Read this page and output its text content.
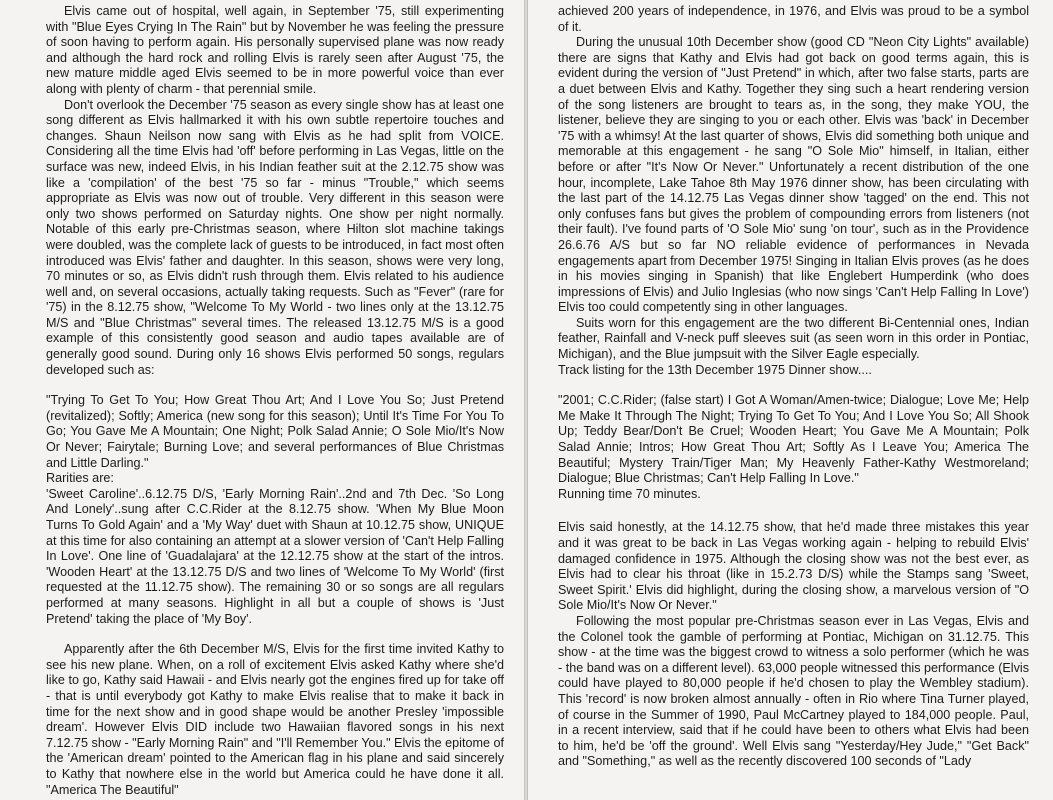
Elvis came out of hospital, well again, in September '75, still experimenting with "Blue Eyes Crying In The Rain" but by November he was feeling the pressure of soon having to perform again. His personally supervised plane was now ready and although the hard rock and rolling Elvis is rarely seen after August '75, the new mature middle aged Elvis seemed to be in more powerful voice than ever along with plenty of charm - that perennial smile.

Don't overlook the December '75 season as every single show has at least one song different as Elvis hallmarked it with his own subtle repertoire touches and changes. Shaun Neilson now sang with Elvis as he had split from VOICE. Considering all the time Elvis had 'off' before performing in Las Vegas, little on the surface was new, indeed Elvis, in his Indian feather suit at the 2.12.75 show was like a 'compilation' of the best '75 so far - minus "Trouble," which seems appropriate as Elvis was now out of trouble. Very different in this season were only two shows performed on Saturday nights. One show per night normally. Notable of this early pre-Christmas season, where Hilton slot machine takings were doubled, was the complete lack of guests to be introduced, in fact most often introduced was Elvis' father and daughter. In this season, shows were very long, 70 minutes or so, as Elvis didn't rush through them. Elvis related to his audience well and, on several occasions, actually taking requests. Such as "Fever" (rare for '75) in the 8.12.75 show, "Welcome To My World - two lines only at the 13.12.75 M/S and "Blue Christmas" several times. The released 13.12.75 M/S is a good example of this consistently good season and audio tapes available are of generally good sound. During only 16 shows Elvis performed 50 songs, regulars developed such as:

"Trying To Get To You; How Great Thou Art; And I Love You So; Just Pretend (revitalized); Softly; America (new song for this season); Until It's Time For You To Go; You Gave Me A Mountain; One Night; Polk Salad Annie; O Sole Mio/It's Now Or Never; Fairytale; Burning Love; and several performances of Blue Christmas and Little Darling."

Rarities are:

'Sweet Caroline'..6.12.75 D/S, 'Early Morning Rain'..2nd and 7th Dec. 'So Long And Lonely'..sung after C.C.Rider at the 8.12.75 show. 'When My Blue Moon Turns To Gold Again' and a 'My Way' duet with Shaun at 10.12.75 show, UNIQUE at this time for also containing an attempt at a slower version of 'Can't Help Falling In Love'. One line of 'Guadalajara' at the 12.12.75 show at the start of the intros. 'Wooden Heart' at the 13.12.75 D/S and two lines of 'Welcome To My World' (first requested at the 11.12.75 show). The remaining 30 or so songs are all regulars performed at many seasons. Highlight in all but a couple of shows is 'Just Pretend' taking the place of 'My Boy'.

Apparently after the 6th December M/S, Elvis for the first time invited Kathy to see his new plane. When, on a roll of excitement Elvis asked Kathy where she'd like to go, Kathy said Hawaii - and Elvis nearly got the engines fired up for take off - that is until everybody got Kathy to make Elvis realise that to make it back in time for the next show and in good shape would be another Presley 'impossible dream'. However Elvis DID include two Hawaiian flavored songs in his next 7.12.75 show - "Early Morning Rain" and "I'll Remember You." Elvis the epitome of the 'American dream' pointed to the American flag in his plane and said sincerely to Kathy that nowhere else in the world but America could he have done it all. "America The Beautiful"

achieved 200 years of independence, in 1976, and Elvis was proud to be a symbol of it.

During the unusual 10th December show (good CD "Neon City Lights" available) there are signs that Kathy and Elvis had got back on good terms again, this is evident during the version of "Just Pretend" in which, after two false starts, parts are a duet between Elvis and Kathy. Together they sing such a heart rendering version of the song listeners are brought to tears as, in the song, they make YOU, the listener, believe they are singing to you or each other. Elvis was 'back' in December '75 with a whimsy! At the last quarter of shows, Elvis did something both unique and memorable at this engagement - he sang "O Sole Mio" himself, in Italian, either before or after "It's Now Or Never." Unfortunately a recent distribution of the one hour, incomplete, Lake Tahoe 8th May 1976 dinner show, has been circulating with the last part of the 14.12.75 Las Vegas dinner show 'tagged' on the end. This not only confuses fans but gives the problem of compounding errors from listeners (not their fault). I've found parts of 'O Sole Mio' sung 'on tour', such as in the Providence 26.6.76 A/S but so far NO reliable evidence of performances in Nevada engagements apart from December 1975! Singing in Italian Elvis proves (as he does in his movies singing in Spanish) that like Englebert Humperdink (who does impressions of Elvis) and Julio Inglesias (who now sings 'Can't Help Falling In Love') Elvis too could competently sing in other languages.

Suits worn for this engagement are the two different Bi-Centennial ones, Indian feather, Rainfall and V-neck puff sleeves suit (as seen worn in this order in Pontiac, Michigan), and the Blue jumpsuit with the Silver Eagle especially.

Track listing for the 13th December 1975 Dinner show....

"2001; C.C.Rider; (false start) I Got A Woman/Amen-twice; Dialogue; Love Me; Help Me Make It Through The Night; Trying To Get To You; And I Love You So; All Shook Up; Teddy Bear/Don't Be Cruel; Wooden Heart; You Gave Me A Mountain; Polk Salad Annie; Intros; How Great Thou Art; Softly As I Leave You; America The Beautiful; Mystery Train/Tiger Man; My Heavenly Father-Kathy Westmoreland; Dialogue; Blue Christmas; Can't Help Falling In Love."

Running time 70 minutes.

Elvis said honestly, at the 14.12.75 show, that he'd made three mistakes this year and it was great to be back in Las Vegas working again - helping to rebuild Elvis' damaged confidence in 1975. Although the closing show was not the best ever, as Elvis had to clear his throat (like in 15.2.73 D/S) while the Stamps sang 'Sweet, Sweet Spirit.' Elvis did highlight, during the closing show, a marvelous version of "O Sole Mio/It's Now Or Never."

Following the most popular pre-Christmas season ever in Las Vegas, Elvis and the Colonel took the gamble of performing at Pontiac, Michigan on 31.12.75. This show - at the time was the biggest crowd to witness a solo performer (which he was - the band was on a different level). 63,000 people witnessed this performance (Elvis could have played to 80,000 people if he'd chosen to play the Wembley stadium). This 'record' is now broken almost annually - often in Rio where Tina Turner played, of course in the Summer of 1990, Paul McCartney played to 184,000 people. Paul, in a recent interview, said that if he could have been to others what Elvis had been to him, he'd be 'off the ground'. Well Elvis sang "Yesterday/Hey Jude," "Get Back" and "Something," as well as the recently discovered 100 seconds of "Lady
